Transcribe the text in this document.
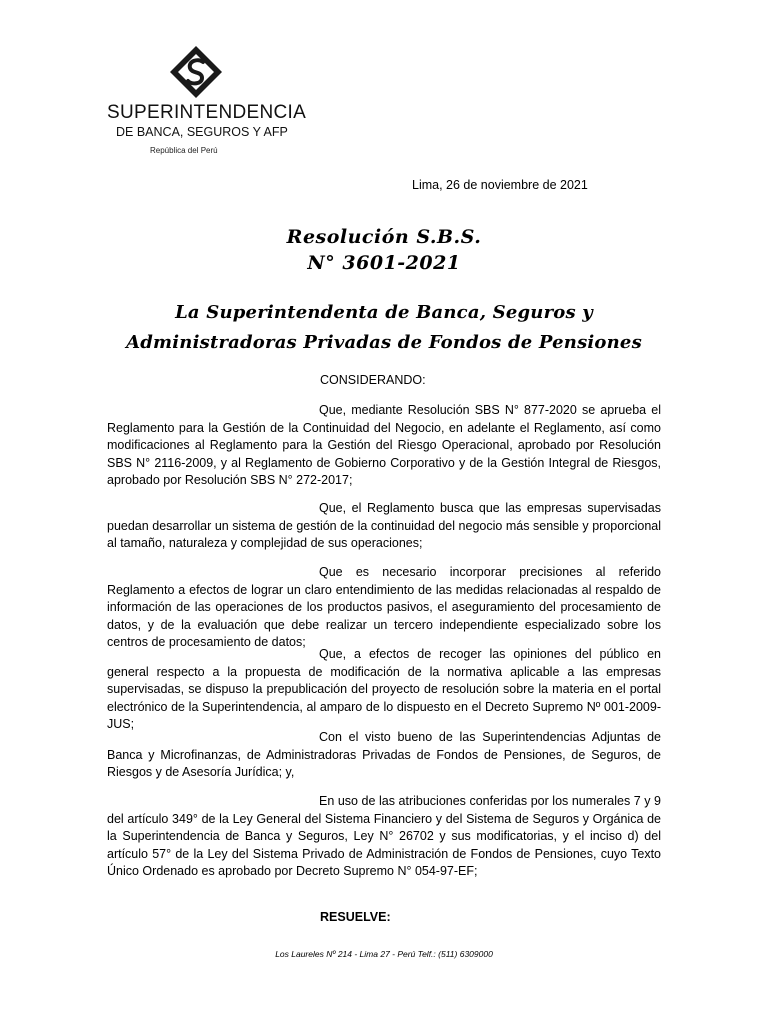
SUPERINTENDENCIA
DE BANCA, SEGUROS Y AFP
República del Perú
Lima, 26 de noviembre de 2021
Resolución S.B.S.
N° 3601-2021
La Superintendenta de Banca, Seguros y
Administradoras Privadas de Fondos de Pensiones
CONSIDERANDO:

Que, mediante Resolución SBS N° 877-2020 se aprueba el Reglamento para la Gestión de la Continuidad del Negocio, en adelante el Reglamento, así como modificaciones al Reglamento para la Gestión del Riesgo Operacional, aprobado por Resolución SBS N° 2116-2009, y al Reglamento de Gobierno Corporativo y de la Gestión Integral de Riesgos, aprobado por Resolución SBS N° 272-2017;

Que, el Reglamento busca que las empresas supervisadas puedan desarrollar un sistema de gestión de la continuidad del negocio más sensible y proporcional al tamaño, naturaleza y complejidad de sus operaciones;

Que es necesario incorporar precisiones al referido Reglamento a efectos de lograr un claro entendimiento de las medidas relacionadas al respaldo de información de las operaciones de los productos pasivos, el aseguramiento del procesamiento de datos, y de la evaluación que debe realizar un tercero independiente especializado sobre los centros de procesamiento de datos;

Que, a efectos de recoger las opiniones del público en general respecto a la propuesta de modificación de la normativa aplicable a las empresas supervisadas, se dispuso la prepublicación del proyecto de resolución sobre la materia en el portal electrónico de la Superintendencia, al amparo de lo dispuesto en el Decreto Supremo Nº 001-2009-JUS;

Con el visto bueno de las Superintendencias Adjuntas de Banca y Microfinanzas, de Administradoras Privadas de Fondos de Pensiones, de Seguros, de Riesgos y de Asesoría Jurídica; y,

En uso de las atribuciones conferidas por los numerales 7 y 9 del artículo 349° de la Ley General del Sistema Financiero y del Sistema de Seguros y Orgánica de la Superintendencia de Banca y Seguros, Ley N° 26702 y sus modificatorias, y el inciso d) del artículo 57° de la Ley del Sistema Privado de Administración de Fondos de Pensiones, cuyo Texto Único Ordenado es aprobado por Decreto Supremo N° 054-97-EF;

RESUELVE:
Los Laureles Nº 214 - Lima 27 - Perú Telf.: (511) 6309000
